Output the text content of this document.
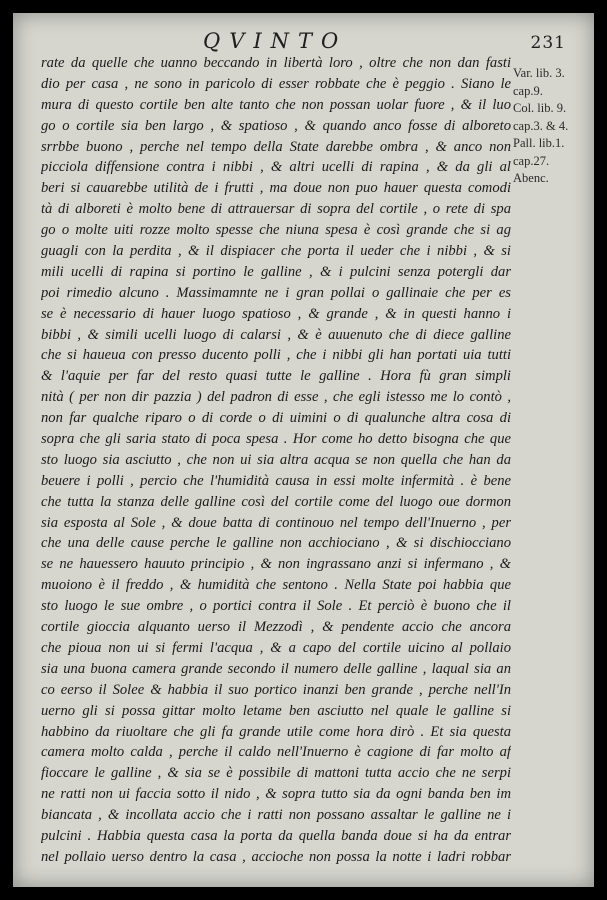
QVINTO	231
rate da quelle che uanno beccando in libertà loro , oltre che non dan fasti
dio per casa , ne sono in paricolo di esser robbate che è peggio . Siano le
mura di questo cortile ben alte tanto che non possan uolar fuore , & il luo
go o cortile sia ben largo , & spatioso , & quando anco fosse di alboreto
srrbbe buono , perche nel tempo della State darebbe ombra , & anco non
picciola diffensione contra i nibbi , & altri ucelli di rapina , & da gli al
beri si cauarebbe utilità de i frutti , ma doue non puo hauer questa comodi
tà di alboreti è molto bene di attrauersar di sopra del cortile , o rete di spa
go o molte uiti rozze molto spesse che niuna spesa è così grande che si ag
guagli con la perdita , & il dispiacer che porta il ueder che i nibbi , & si
mili ucelli di rapina si portino le galline , & i pulcini senza potergli dar
poi rimedio alcuno . Massimamnte ne i gran pollai o gallinaie che per es
se è necessario di hauer luogo spatioso , & grande , & in questi hanno i
bibbi , & simili ucelli luogo di calarsi , & è auuenuto che di diece galline
che si haueua con presso ducento polli , che i nibbi gli han portati uia tutti
& l'aquie per far del resto quasi tutte le galline . Hora fù gran simpli
nità ( per non dir pazzia ) del padron di esse , che egli istesso me lo contò ,
non far qualche riparo o di corde o di uimini o di qualunche altra cosa di
sopra che gli saria stato di poca spesa . Hor come ho detto bisogna che que
sto luogo sia asciutto , che non ui sia altra acqua se non quella che han da
beuere i polli , percio che l'humidità causa in essi molte infermità . è bene
che tutta la stanza delle galline così del cortile come del luogo oue dormon
sia esposta al Sole , & doue batta di continouo nel tempo dell'Inuerno , per
che una delle cause perche le galline non acchiociano , & si dischiocciano
se ne hauessero hauuto principio , & non ingrassano anzi si infermano , &
muoiono è il freddo , & humidità che sentono . Nella State poi habbia que
sto luogo le sue ombre , o portici contra il Sole . Et perciò è buono che il
cortile gioccia alquanto uerso il Mezzodì , & pendente accio che ancora
che pioua non ui si fermi l'acqua , & a capo del cortile uicino al pollaio
sia una buona camera grande secondo il numero delle galline , laqual sia an
co eerso il Solee & habbia il suo portico inanzi ben grande , perche nell'In
uerno gli si possa gittar molto letame ben asciutto nel quale le galline si
habbino da riuoltare che gli fa grande utile come hora dirò . Et sia questa
camera molto calda , perche il caldo nell'Inuerno è cagione di far molto af
fioccare le galline , & sia se è possibile di mattoni tutta accio che ne serpi
ne ratti non ui faccia sotto il nido , & sopra tutto sia da ogni banda ben im
biancata , & incollata accio che i ratti non possano assaltar le galline ne i
pulcini . Habbia questa casa la porta da quella banda doue si ha da entrar
nel pollaio uerso dentro la casa , accioche non possa la notte i ladri robbar
Var. lib. 3.
cap.9.
Col. lib. 9.
cap.3. & 4.
Pall. lib.1.
cap.27.
Abenc.
